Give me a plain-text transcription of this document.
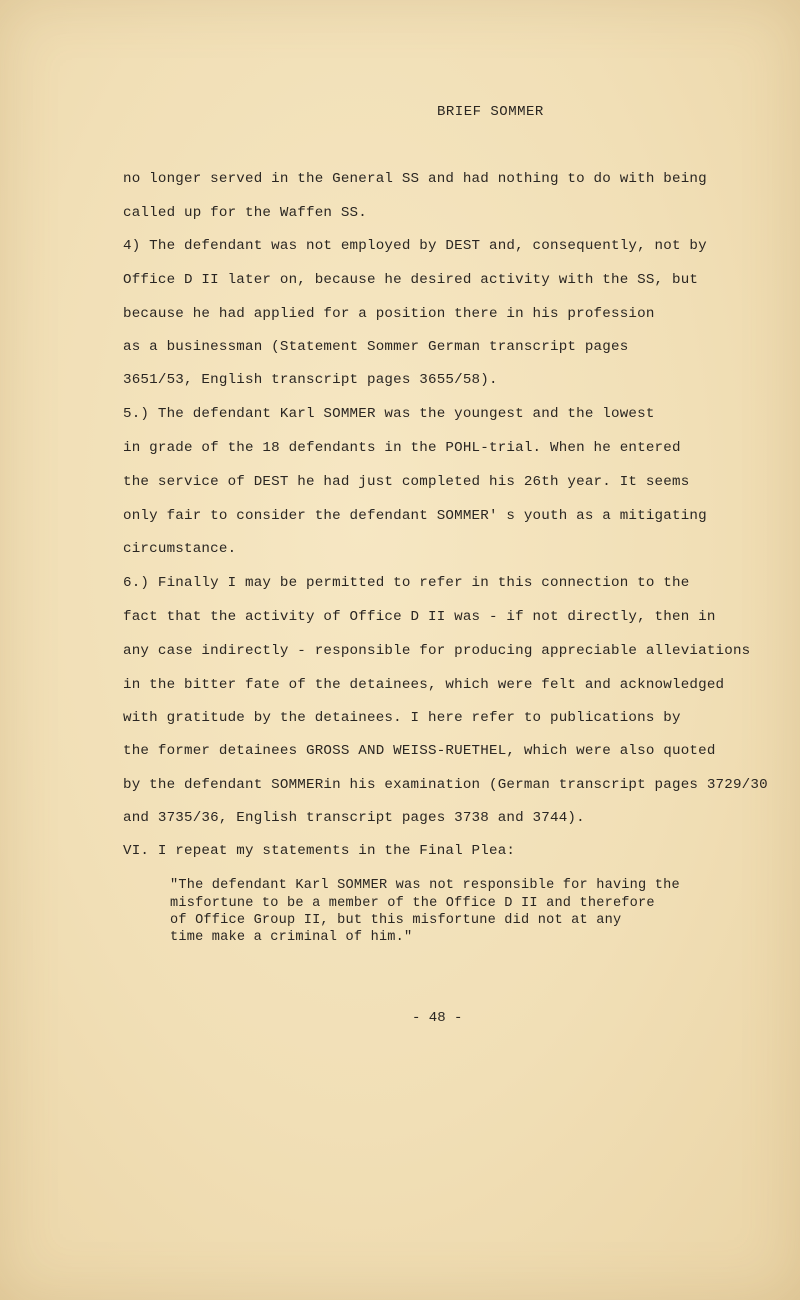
BRIEF SOMMER
no longer served in the General SS and had nothing to do with being
called up for the Waffen SS.
4) The defendant was not employed by DEST and, consequently, not by
Office D II later on, because he desired activity with the SS, but
because he had applied for a position there in his profession
as a businessman (Statement Sommer German transcript pages
3651/53, English transcript pages 3655/58).
5.) The defendant Karl SOMMER was the youngest and the lowest
in grade of the 18 defendants in the POHL-trial. When he entered
the service of DEST he had just completed his 26th year. It seems
only fair to consider the defendant SOMMER' s youth as a mitigating
circumstance.
6.) Finally I may be permitted to refer in this connection to the
fact that the activity of Office D II was - if not directly, then in
any case indirectly - responsible for producing appreciable alleviations
in the bitter fate of the detainees, which were felt and acknowledged
with gratitude by the detainees. I here refer to publications by
the former detainees GROSS AND WEISS-RUETHEL, which were also quoted
by the defendant SOMMERin his examination (German transcript pages 3729/30
and 3735/36, English transcript pages 3738 and 3744).
VI. I repeat my statements in the Final Plea:
"The defendant Karl SOMMER was not responsible for having the
misfortune to be a member of the Office D II and therefore
of Office Group II, but this misfortune did not at any
time make a criminal of him."
- 48 -
